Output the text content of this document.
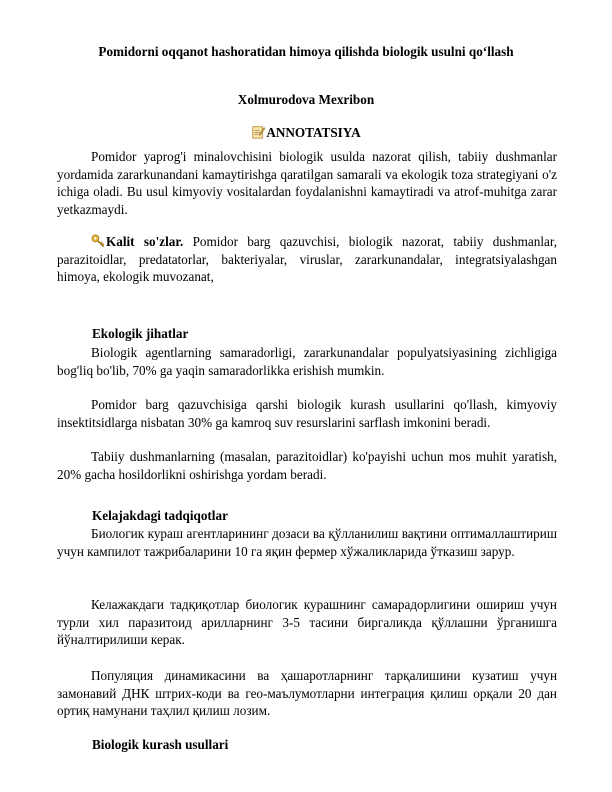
Pomidorni oqqanot hashoratidan himoya qilishda biologik usulni qo‘llash
Xolmurodova Mexribon
ANNOTATSIYA

Pomidor yaprog'i minalovchisini biologik usulda nazorat qilish, tabiiy dushmanlar yordamida zararkunandani kamaytirishga qaratilgan samarali va ekologik toza strategiyani o'z ichiga oladi. Bu usul kimyoviy vositalardan foydalanishni kamaytiradi va atrof-muhitga zarar yetkazmaydi.

Kalit so'zlar. Pomidor barg qazuvchisi, biologik nazorat, tabiiy dushmanlar, parazitoidlar, predatatorlar, bakteriyalar, viruslar, zararkunandalar, integratsiyalashgan himoya, ekologik muvozanat,

Ekologik jihatlar

Biologik agentlarning samaradorligi, zararkunandalar populyatsiyasining zichligiga bog'liq bo'lib, 70% ga yaqin samaradorlikka erishish mumkin.

Pomidor barg qazuvchisiga qarshi biologik kurash usullarini qo'llash, kimyoviy insektitsidlarga nisbatan 30% ga kamroq suv resurslarini sarflash imkonini beradi.

Tabiiy dushmanlarning (masalan, parazitoidlar) ko'payishi uchun mos muhit yaratish, 20% gacha hosildorlikni oshirishga yordam beradi.

Kelajakdagi tadqiqotlar

Биологик кураш агентларининг дозаси ва қўлланилиш вақтини оптималлаштириш учун кампилот тажрибаларини 10 га яқин фермер хўжаликларида ўтказиш зарур.

Келажакдаги тадқиқотлар биологик курашнинг самарадорлигини ошириш учун турли хил паразитоид арилларнинг 3-5 тасини биргаликда қўллашни ўрганишга йўналтирилиши керак.

Популяция динамикасини ва ҳашаротларнинг тарқалишини кузатиш учун замонавий ДНК штрих-коди ва гео-маълумотларни интеграция қилиш орқали 20 дан ортиқ намунани таҳлил қилиш лозим.

Biologik kurash usullari
